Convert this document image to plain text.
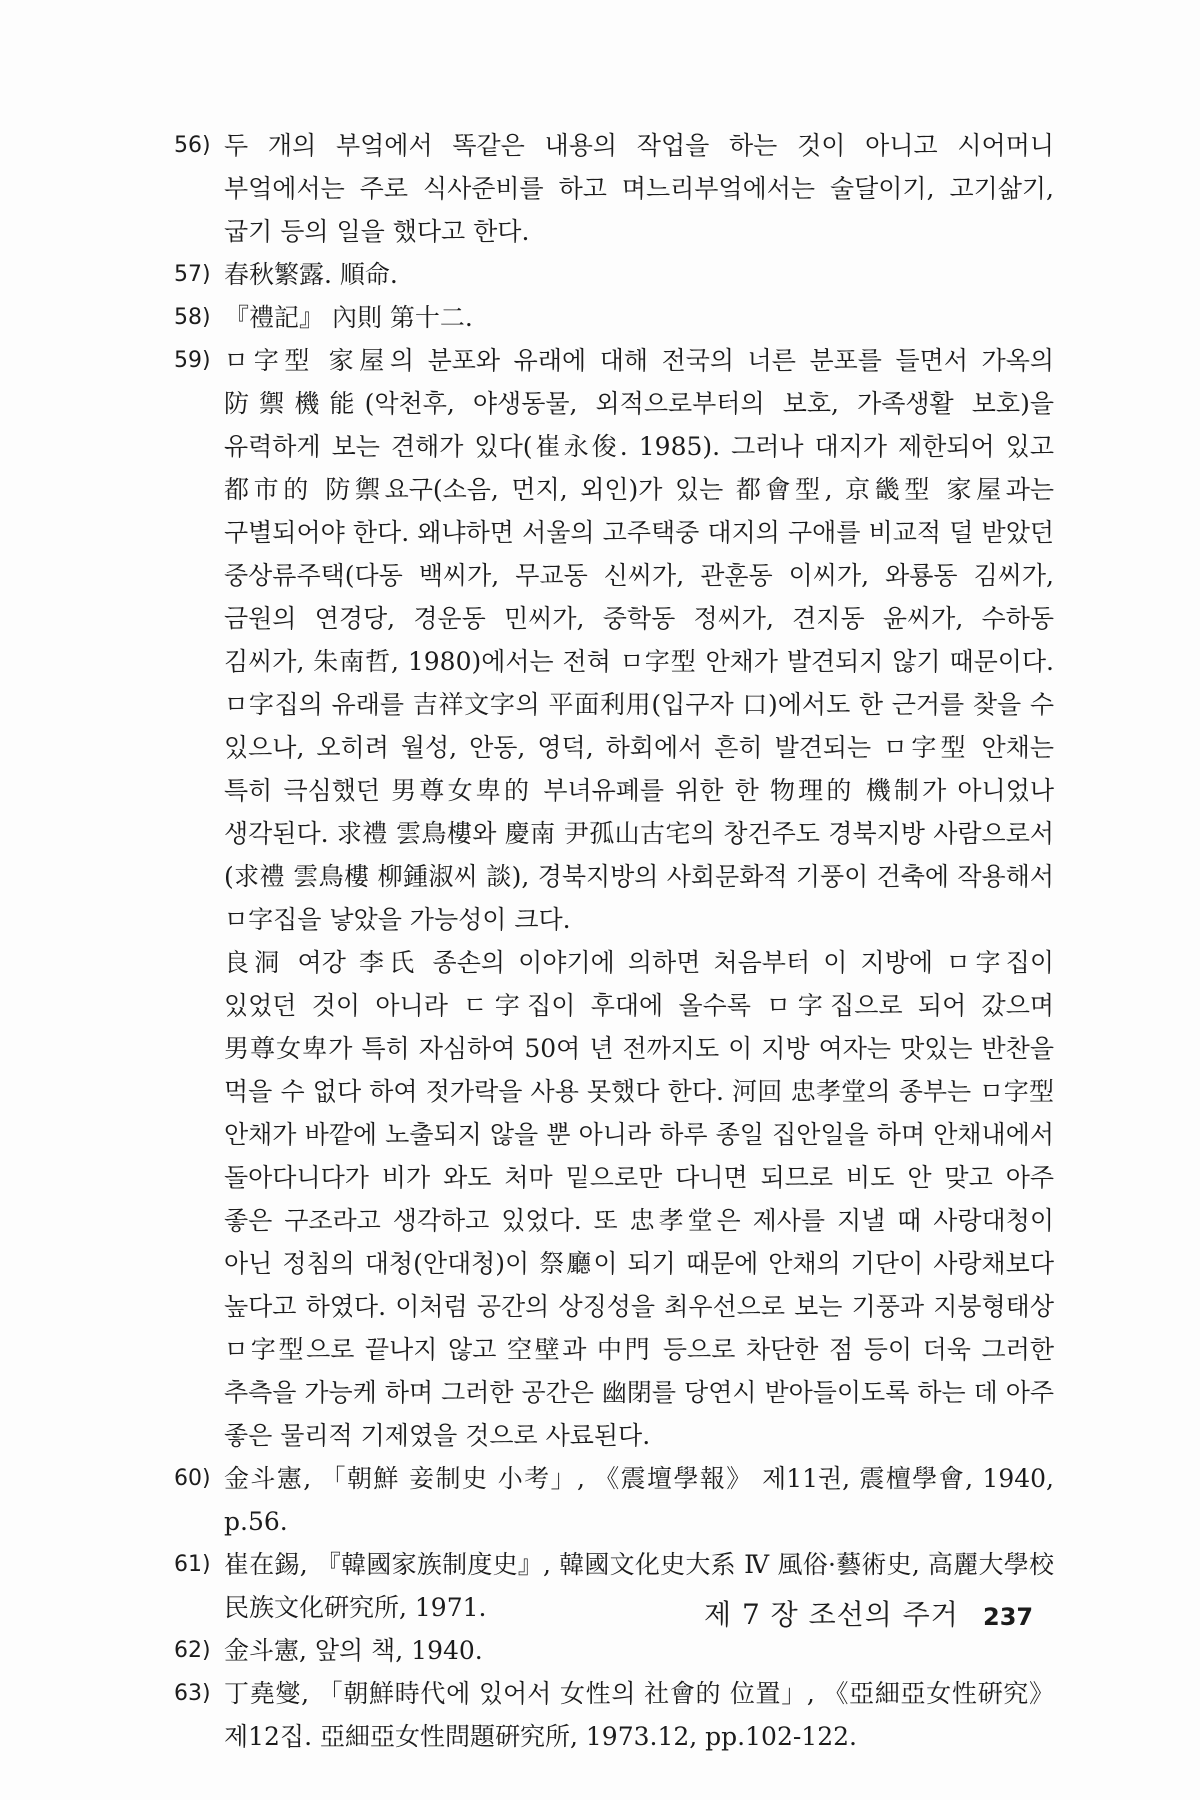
56) 두 개의 부엌에서 똑같은 내용의 작업을 하는 것이 아니고 시어머니 부엌에서는 주로 식사준비를 하고 며느리부엌에서는 술달이기, 고기삶기, 굽기 등의 일을 했다고 한다.

57) 春秋繁露. 順命.

58) 『禮記』 內則 第十二.

59) ㅁ字型 家屋의 분포와 유래에 대해 전국의 너른 분포를 들면서 가옥의 防禦機能(악천후, 야생동물, 외적으로부터의 보호, 가족생활 보호)을 유력하게 보는 견해가 있다(崔永俊. 1985). 그러나 대지가 제한되어 있고 都市的 防禦요구(소음, 먼지, 외인)가 있는 都會型, 京畿型 家屋과는 구별되어야 한다. 왜냐하면 서울의 고주택중 대지의 구애를 비교적 덜 받았던 중상류주택(다동 백씨가, 무교동 신씨가, 관훈동 이씨가, 와룡동 김씨가, 금원의 연경당, 경운동 민씨가, 중학동 정씨가, 견지동 윤씨가, 수하동 김씨가, 朱南哲, 1980)에서는 전혀 ㅁ字型 안채가 발견되지 않기 때문이다. ㅁ字집의 유래를 吉祥文字의 平面利用(입구자 口)에서도 한 근거를 찾을 수 있으나, 오히려 월성, 안동, 영덕, 하회에서 흔히 발견되는 ㅁ字型 안채는 특히 극심했던 男尊女卑的 부녀유폐를 위한 한 物理的 機制가 아니었나 생각된다. 求禮 雲鳥樓와 慶南 尹孤山古宅의 창건주도 경북지방 사람으로서(求禮 雲鳥樓 柳鍾淑씨 談), 경북지방의 사회문화적 기풍이 건축에 작용해서 ㅁ字집을 낳았을 가능성이 크다.

良洞 여강 李氏 종손의 이야기에 의하면 처음부터 이 지방에 ㅁ字집이 있었던 것이 아니라 ㄷ字집이 후대에 올수록 ㅁ字집으로 되어 갔으며 男尊女卑가 특히 자심하여 50여 년 전까지도 이 지방 여자는 맛있는 반찬을 먹을 수 없다 하여 젓가락을 사용 못했다 한다. 河回 忠孝堂의 종부는 ㅁ字型 안채가 바깥에 노출되지 않을 뿐 아니라 하루 종일 집안일을 하며 안채내에서 돌아다니다가 비가 와도 처마 밑으로만 다니면 되므로 비도 안 맞고 아주 좋은 구조라고 생각하고 있었다. 또 忠孝堂은 제사를 지낼 때 사랑대청이 아닌 정침의 대청(안대청)이 祭廳이 되기 때문에 안채의 기단이 사랑채보다 높다고 하였다. 이처럼 공간의 상징성을 최우선으로 보는 기풍과 지붕형태상 ㅁ字型으로 끝나지 않고 空壁과 中門 등으로 차단한 점 등이 더욱 그러한 추측을 가능케 하며 그러한 공간은 幽閉를 당연시 받아들이도록 하는 데 아주 좋은 물리적 기제였을 것으로 사료된다.

60) 金斗憲, 「朝鮮 妾制史 小考」, 《震壇學報》 제11권, 震檀學會, 1940, p.56.

61) 崔在錫, 『韓國家族制度史』, 韓國文化史大系 Ⅳ 風俗·藝術史, 高麗大學校 民族文化硏究所, 1971.

62) 金斗憲, 앞의 책, 1940.

63) 丁堯燮, 「朝鮮時代에 있어서 女性의 社會的 位置」, 《亞細亞女性硏究》 제12집. 亞細亞女性問題硏究所, 1973.12, pp.102-122.

제 7 장 조선의 주거 237
